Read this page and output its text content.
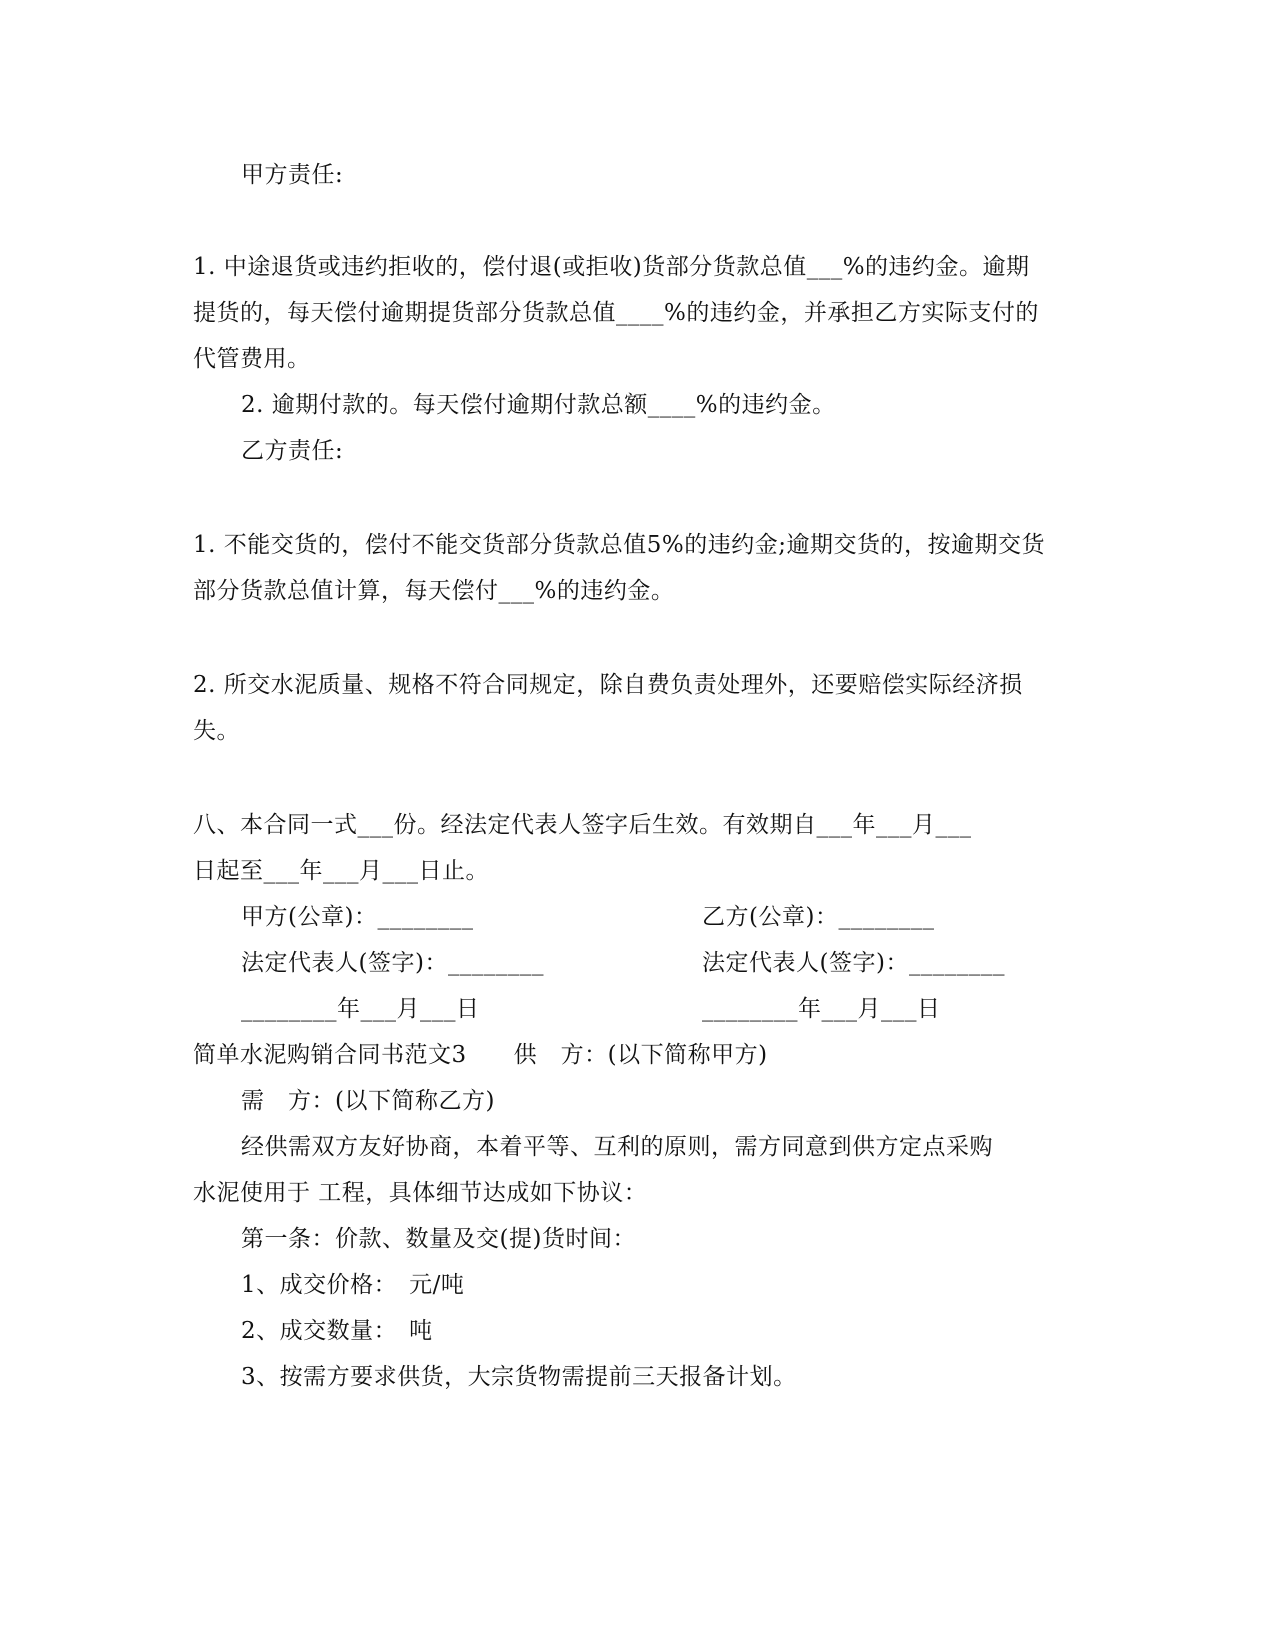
甲方责任:
1. 中途退货或违约拒收的，偿付退(或拒收)货部分货款总值___%的违约金。逾期
提货的，每天偿付逾期提货部分货款总值____%的违约金，并承担乙方实际支付的
代管费用。
2. 逾期付款的。每天偿付逾期付款总额____%的违约金。
乙方责任:
1. 不能交货的，偿付不能交货部分货款总值5%的违约金;逾期交货的，按逾期交货
部分货款总值计算，每天偿付___%的违约金。
2. 所交水泥质量、规格不符合同规定，除自费负责处理外，还要赔偿实际经济损
失。
八、本合同一式___份。经法定代表人签字后生效。有效期自___年___月___
日起至___年___月___日止。
甲方(公章)：________	乙方(公章)：________
法定代表人(签字)：________	法定代表人(签字)：________
________年___月___日	________年___月___日
简单水泥购销合同书范文3　　供　方：(以下简称甲方)
需　方：(以下简称乙方)
经供需双方友好协商，本着平等、互利的原则，需方同意到供方定点采购
水泥使用于 工程，具体细节达成如下协议：
第一条：价款、数量及交(提)货时间：
1、成交价格：　元/吨
2、成交数量：　吨
3、按需方要求供货，大宗货物需提前三天报备计划。
